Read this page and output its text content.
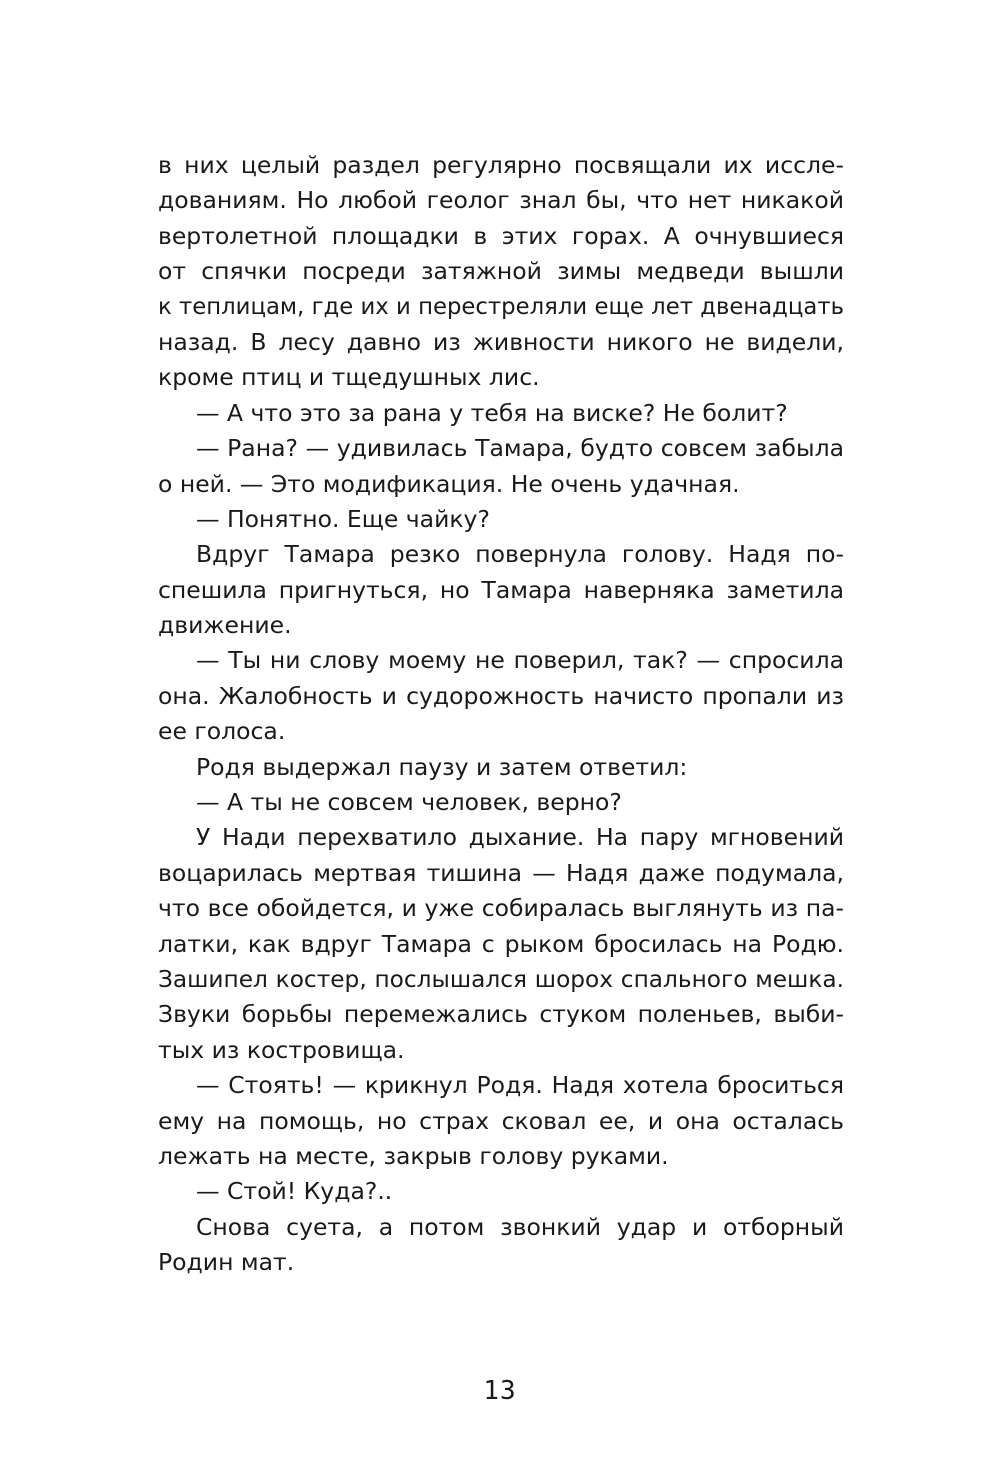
в них целый раздел регулярно посвящали их иссле-
дованиям. Но любой геолог знал бы, что нет никакой
вертолетной площадки в этих горах. А очнувшиеся
от спячки посреди затяжной зимы медведи вышли
к теплицам, где их и перестреляли еще лет двенадцать
назад. В лесу давно из живности никого не видели,
кроме птиц и тщедушных лис.
— А что это за рана у тебя на виске? Не болит?
— Рана? — удивилась Тамара, будто совсем забыла
о ней. — Это модификация. Не очень удачная.
— Понятно. Еще чайку?
Вдруг Тамара резко повернула голову. Надя по-
спешила пригнуться, но Тамара наверняка заметила
движение.
— Ты ни слову моему не поверил, так? — спросила
она. Жалобность и судорожность начисто пропали из
ее голоса.
Родя выдержал паузу и затем ответил:
— А ты не совсем человек, верно?
У Нади перехватило дыхание. На пару мгновений
воцарилась мертвая тишина — Надя даже подумала,
что все обойдется, и уже собиралась выглянуть из па-
латки, как вдруг Тамара с рыком бросилась на Родю.
Зашипел костер, послышался шорох спального мешка.
Звуки борьбы перемежались стуком поленьев, выби-
тых из костровища.
— Стоять! — крикнул Родя. Надя хотела броситься
ему на помощь, но страх сковал ее, и она осталась
лежать на месте, закрыв голову руками.
— Стой! Куда?..
Снова суета, а потом звонкий удар и отборный
Родин мат.
13
